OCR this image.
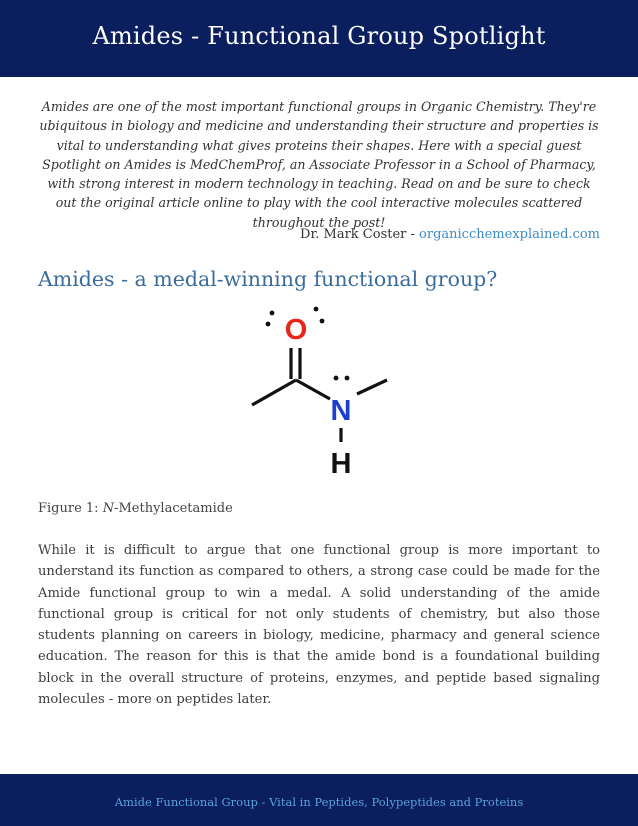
Amides - Functional Group Spotlight

Amides are one of the most important functional groups in Organic Chemistry. They're ubiquitous in biology and medicine and understanding their structure and properties is vital to understanding what gives proteins their shapes. Here with a special guest Spotlight on Amides is MedChemProf, an Associate Professor in a School of Pharmacy, with strong interest in modern technology in teaching. Read on and be sure to check out the original article online to play with the cool interactive molecules scattered throughout the post!

Dr. Mark Coster - organicchemexplained.com
Amides - a medal-winning functional group?
O
N
H
Figure 1: N-Methylacetamide

While it is difficult to argue that one functional group is more important to understand its function as compared to others, a strong case could be made for the Amide functional group to win a medal. A solid understanding of the amide functional group is critical for not only students of chemistry, but also those students planning on careers in biology, medicine, pharmacy and general science education. The reason for this is that the amide bond is a foundational building block in the overall structure of proteins, enzymes, and peptide based signaling molecules - more on peptides later.

Amide Functional Group - Vital in Peptides, Polypeptides and Proteins
